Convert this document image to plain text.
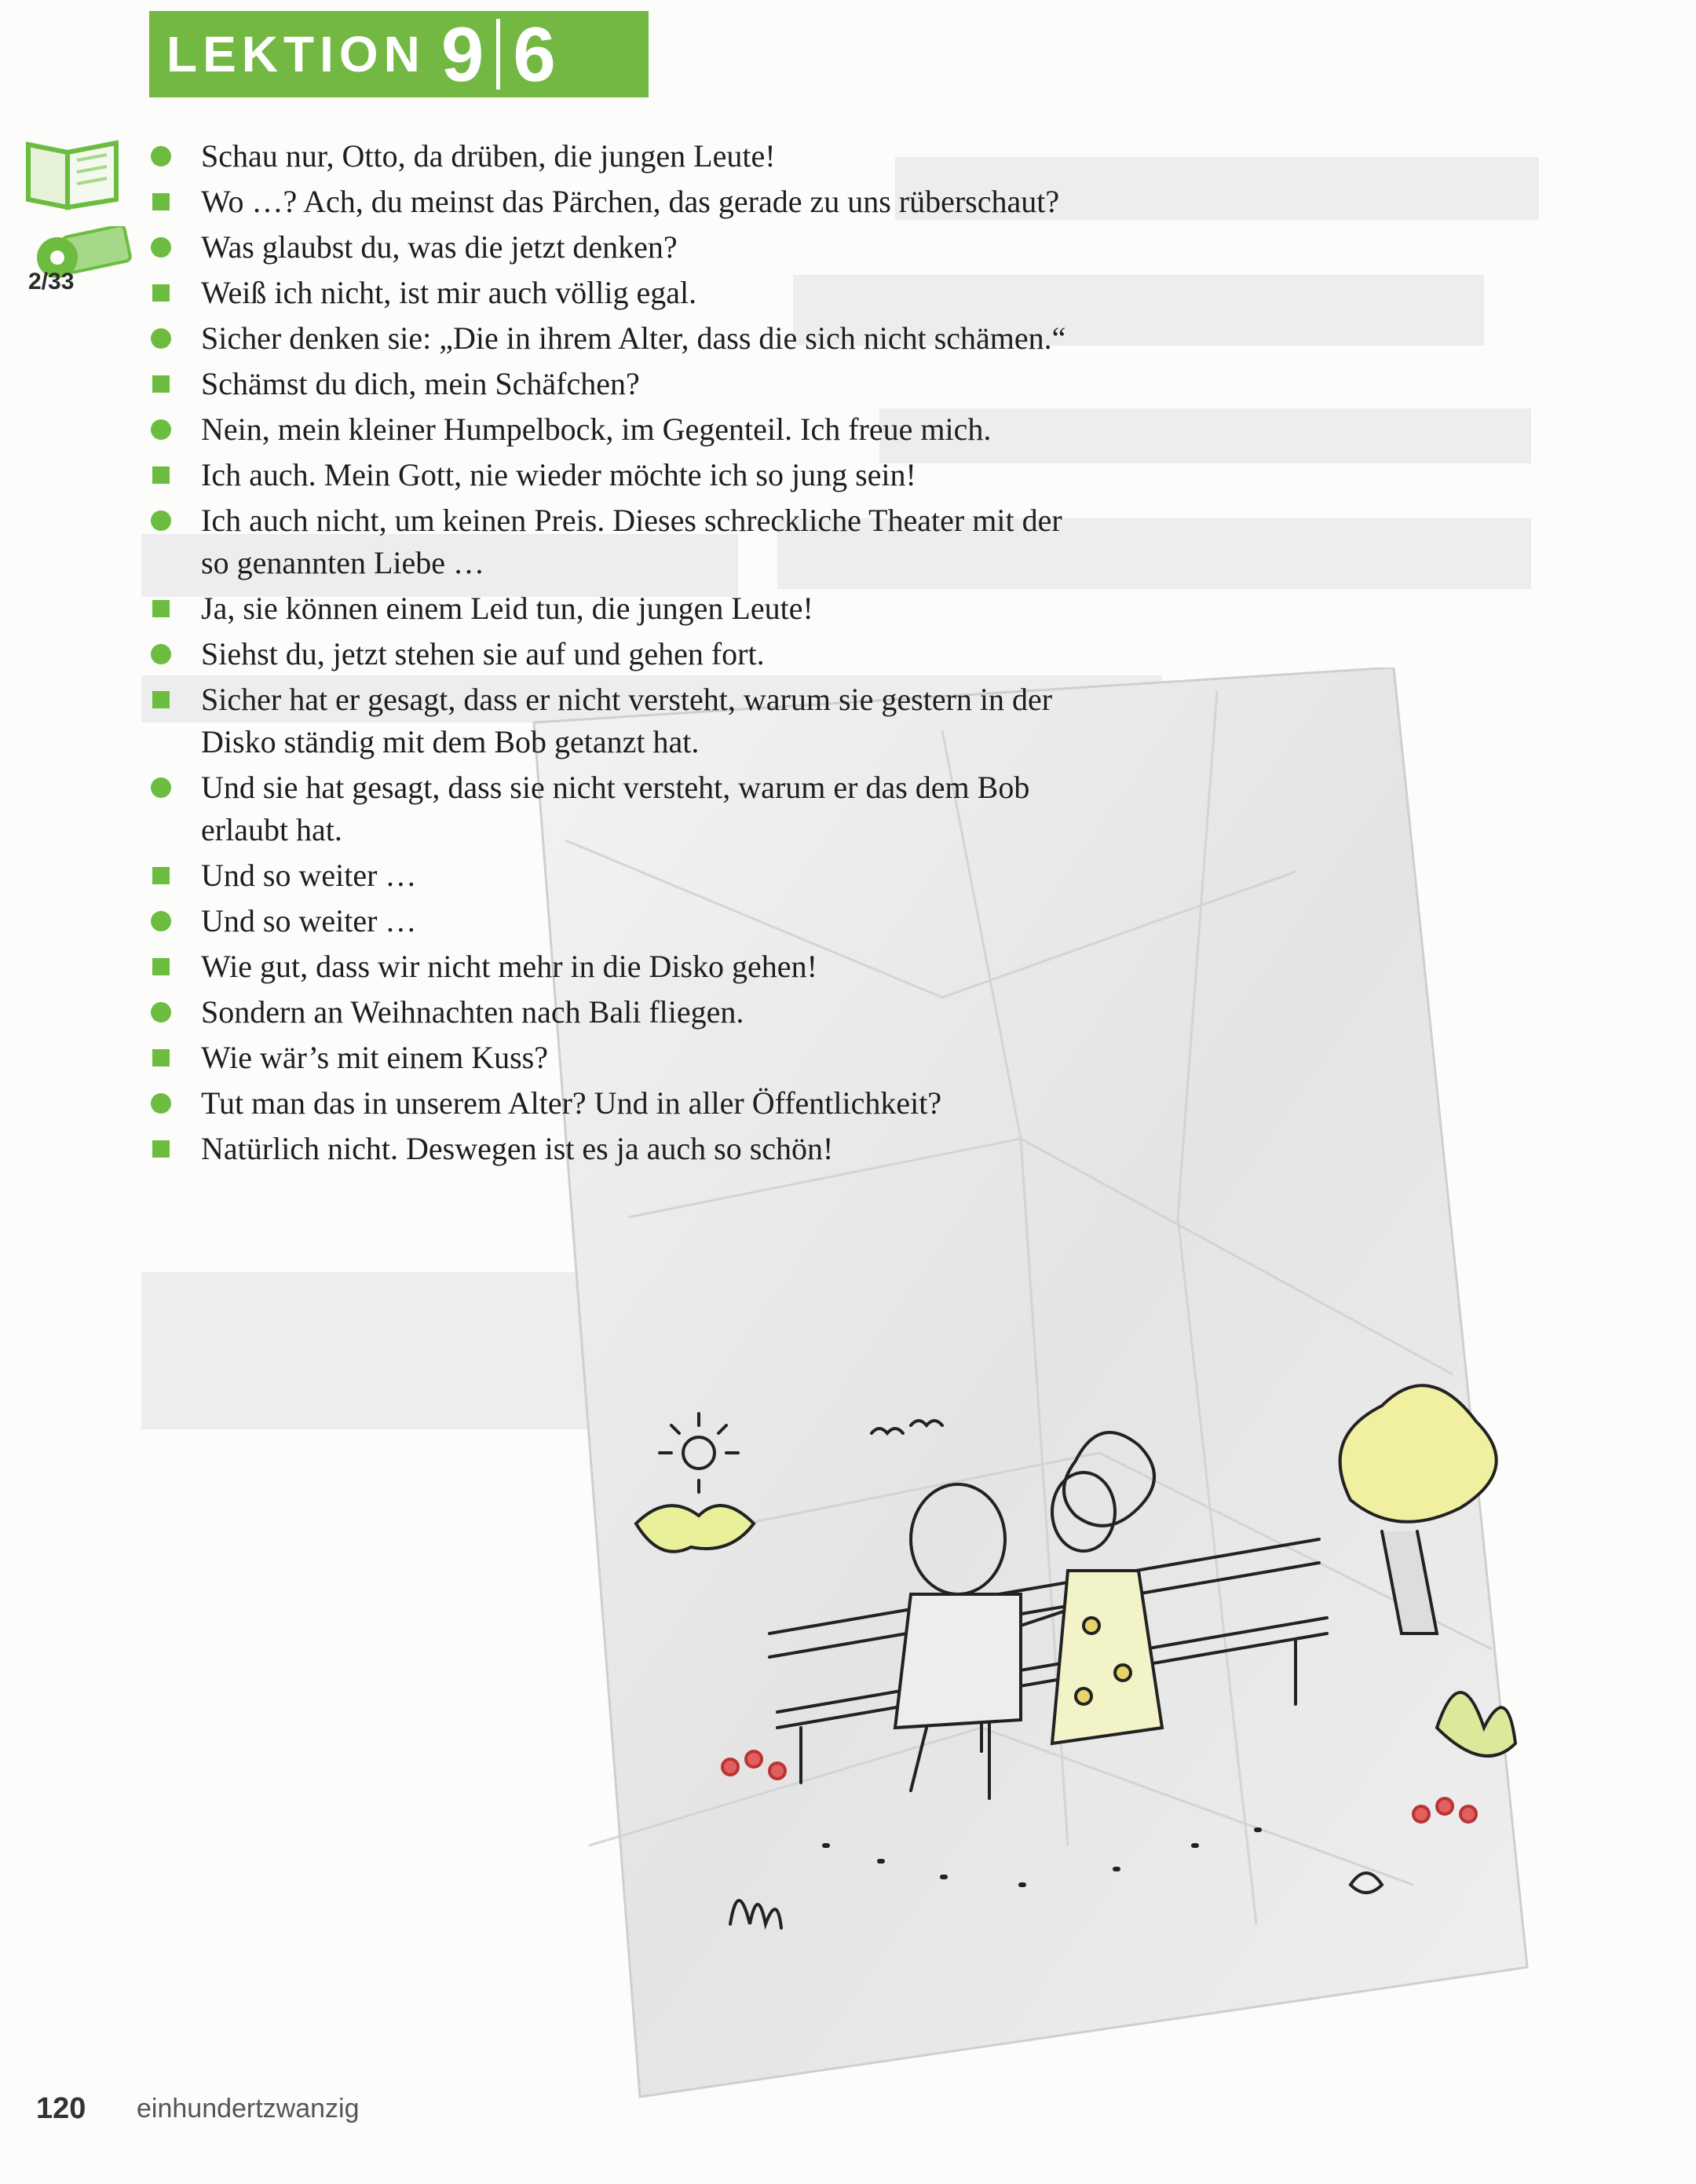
LEKTION 9 6
2/33
Schau nur, Otto, da drüben, die jungen Leute!
Wo …? Ach, du meinst das Pärchen, das gerade zu uns rüberschaut?
Was glaubst du, was die jetzt denken?
Weiß ich nicht, ist mir auch völlig egal.
Sicher denken sie: „Die in ihrem Alter, dass die sich nicht schämen.“
Schämst du dich, mein Schäfchen?
Nein, mein kleiner Humpelbock, im Gegenteil. Ich freue mich.
Ich auch. Mein Gott, nie wieder möchte ich so jung sein!
Ich auch nicht, um keinen Preis. Dieses schreckliche Theater mit der so genannten Liebe …
Ja, sie können einem Leid tun, die jungen Leute!
Siehst du, jetzt stehen sie auf und gehen fort.
Sicher hat er gesagt, dass er nicht versteht, warum sie gestern in der Disko ständig mit dem Bob getanzt hat.
Und sie hat gesagt, dass sie nicht versteht, warum er das dem Bob erlaubt hat.
Und so weiter …
Und so weiter …
Wie gut, dass wir nicht mehr in die Disko gehen!
Sondern an Weihnachten nach Bali fliegen.
Wie wär’s mit einem Kuss?
Tut man das in unserem Alter? Und in aller Öffentlichkeit?
Natürlich nicht. Deswegen ist es ja auch so schön!
120 einhundertzwanzig
